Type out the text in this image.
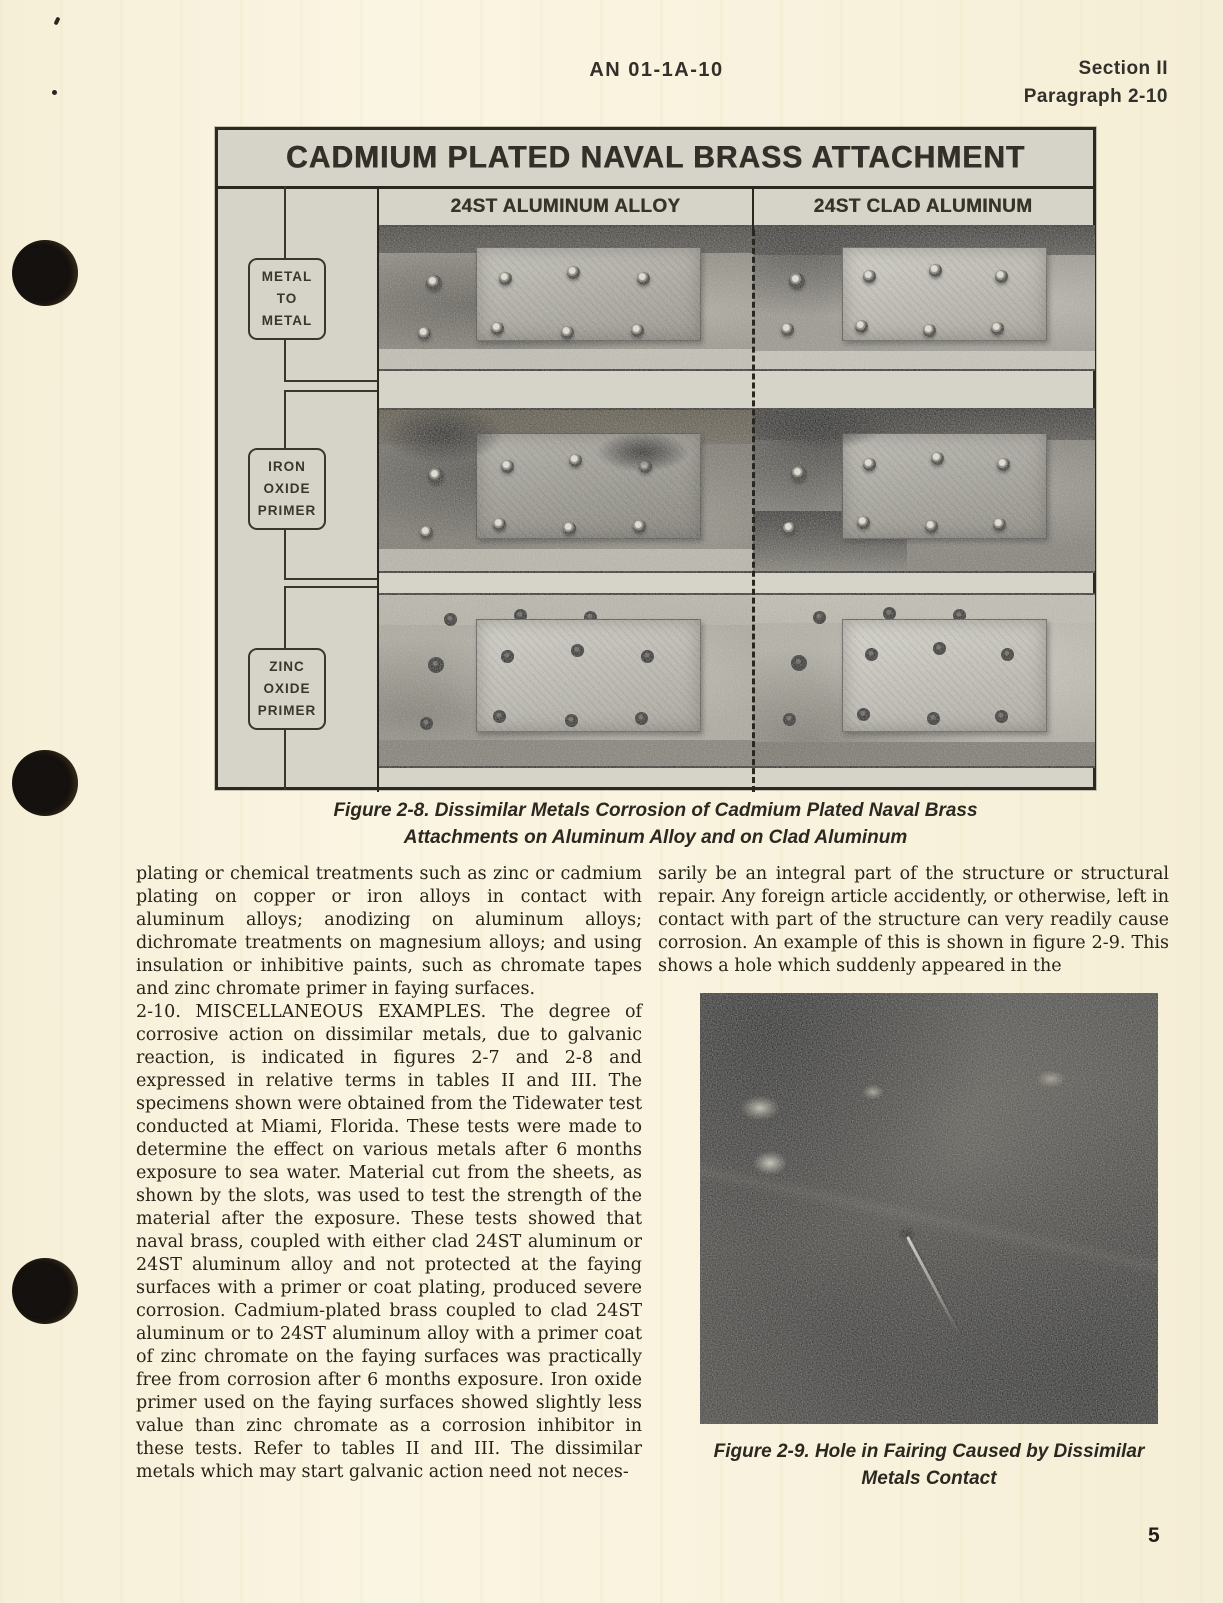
AN 01-1A-10	Section II
Paragraph 2-10
CADMIUM PLATED NAVAL BRASS ATTACHMENT
24ST ALUMINUM ALLOY	24ST CLAD ALUMINUM
METAL TO METAL
IRON OXIDE PRIMER
ZINC OXIDE PRIMER
Figure 2-8. Dissimilar Metals Corrosion of Cadmium Plated Naval Brass
Attachments on Aluminum Alloy and on Clad Aluminum

plating or chemical treatments such as zinc or cadmium plating on copper or iron alloys in contact with aluminum alloys; anodizing on aluminum alloys; dichromate treatments on magnesium alloys; and using insulation or inhibitive paints, such as chromate tapes and zinc chromate primer in faying surfaces.

2-10. MISCELLANEOUS EXAMPLES. The degree of corrosive action on dissimilar metals, due to galvanic reaction, is indicated in figures 2-7 and 2-8 and expressed in relative terms in tables II and III. The specimens shown were obtained from the Tidewater test conducted at Miami, Florida. These tests were made to determine the effect on various metals after 6 months exposure to sea water. Material cut from the sheets, as shown by the slots, was used to test the strength of the material after the exposure. These tests showed that naval brass, coupled with either clad 24ST aluminum or 24ST aluminum alloy and not protected at the faying surfaces with a primer or coat plating, produced severe corrosion. Cadmium-plated brass coupled to clad 24ST aluminum or to 24ST aluminum alloy with a primer coat of zinc chromate on the faying surfaces was practically free from corrosion after 6 months exposure. Iron oxide primer used on the faying surfaces showed slightly less value than zinc chromate as a corrosion inhibitor in these tests. Refer to tables II and III. The dissimilar metals which may start galvanic action need not neces-

sarily be an integral part of the structure or structural repair. Any foreign article accidently, or otherwise, left in contact with part of the structure can very readily cause corrosion. An example of this is shown in figure 2-9. This shows a hole which suddenly appeared in the

Figure 2-9. Hole in Fairing Caused by Dissimilar
Metals Contact
5
